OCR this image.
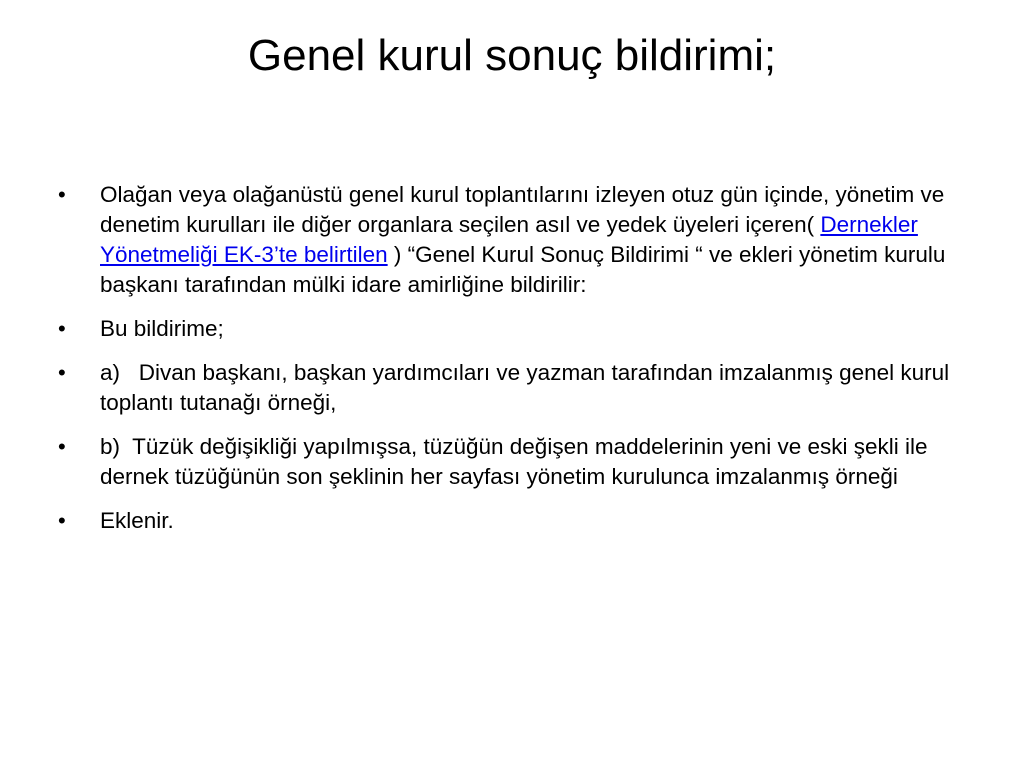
Genel kurul sonuç bildirimi;
•	Olağan veya olağanüstü genel kurul toplantılarını izleyen otuz gün içinde, yönetim ve denetim kurulları ile diğer organlara seçilen asıl ve yedek üyeleri içeren( Dernekler Yönetmeliği EK-3’te belirtilen ) “Genel Kurul Sonuç Bildirimi “ ve ekleri yönetim kurulu başkanı tarafından mülki idare amirliğine bildirilir:
•	Bu bildirime;
•	a)   Divan başkanı, başkan yardımcıları ve yazman tarafından imzalanmış genel kurul toplantı tutanağı örneği,
•	b)  Tüzük değişikliği yapılmışsa, tüzüğün değişen maddelerinin yeni ve eski şekli ile dernek tüzüğünün son şeklinin her sayfası yönetim kurulunca imzalanmış örneği
•	Eklenir.
